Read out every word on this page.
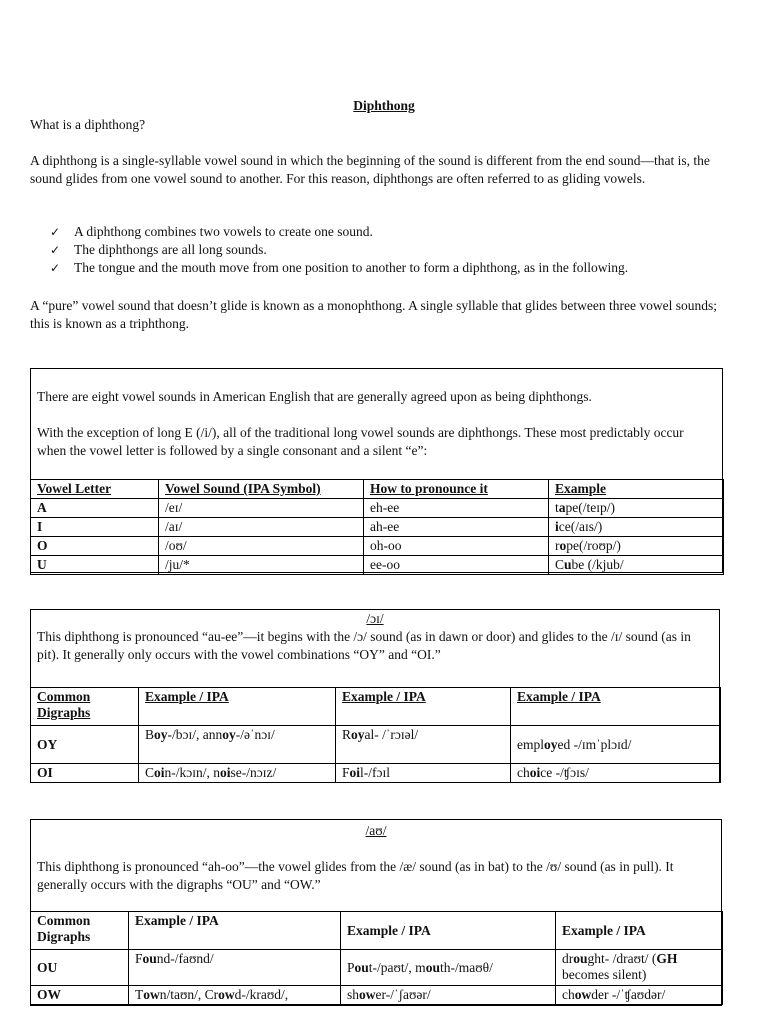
Diphthong
What is a diphthong?
A diphthong is a single-syllable vowel sound in which the beginning of the sound is different from the end sound—that is, the sound glides from one vowel sound to another. For this reason, diphthongs are often referred to as gliding vowels.
✓ A diphthong combines two vowels to create one sound.
✓ The diphthongs are all long sounds.
✓ The tongue and the mouth move from one position to another to form a diphthong, as in the following.
A “pure” vowel sound that doesn’t glide is known as a monophthong. A single syllable that glides between three vowel sounds; this is known as a triphthong.
There are eight vowel sounds in American English that are generally agreed upon as being diphthongs.
With the exception of long E (/i/), all of the traditional long vowel sounds are diphthongs. These most predictably occur when the vowel letter is followed by a single consonant and a silent “e”:
Vowel Letter	Vowel Sound (IPA Symbol)	How to pronounce it	Example
A	/eɪ/	eh-ee	tape(/teɪp/)
I	/aɪ/	ah-ee	ice(/aɪs/)
O	/oʊ/	oh-oo	rope(/roʊp/)
U	/ju/*	ee-oo	Cube (/kjub/
/ɔɪ/
This diphthong is pronounced “au-ee”—it begins with the /ɔ/ sound (as in dawn or door) and glides to the /ɪ/ sound (as in pit). It generally only occurs with the vowel combinations “OY” and “OI.”
Common Digraphs	Example / IPA	Example / IPA	Example / IPA
OY	Boy-/bɔɪ/, annoy-/əˈnɔɪ/	Royal- /ˈrɔɪəl/	employed -/ɪmˈplɔɪd/
OI	Coin-/kɔɪn/, noise-/nɔɪz/	Foil-/fɔɪl	choice -/ʧɔɪs/
/aʊ/
This diphthong is pronounced “ah-oo”—the vowel glides from the /æ/ sound (as in bat) to the /ʊ/ sound (as in pull). It generally occurs with the digraphs “OU” and “OW.”
Common Digraphs	Example / IPA	Example / IPA	Example / IPA
OU	Found-/faʊnd/	Pout-/paʊt/, mouth-/maʊθ/	drought- /draʊt/ (GH becomes silent)
OW	Town/taʊn/, Crowd-/kraʊd/,	shower-/ˈʃaʊər/	chowder -/ˈʧaʊdər/
